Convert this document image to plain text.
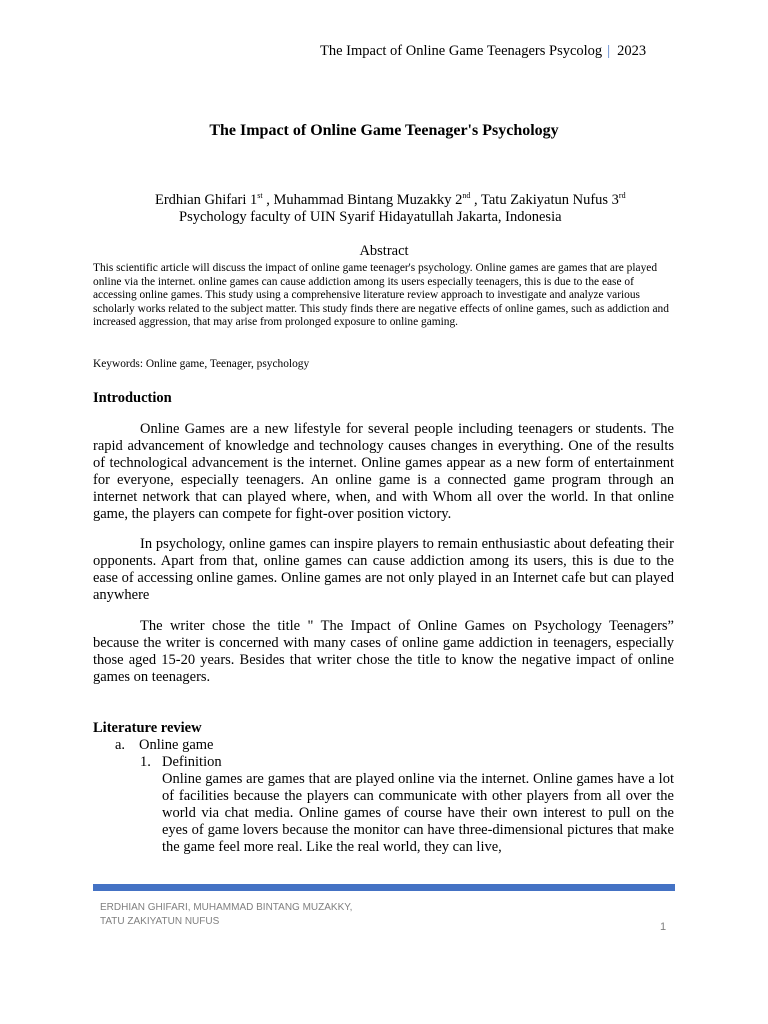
The Impact of Online Game Teenagers Psycolog | 2023
The Impact of Online Game Teenager's Psychology
Erdhian Ghifari 1st , Muhammad Bintang Muzakky 2nd , Tatu Zakiyatun Nufus 3rd
Psychology faculty of UIN Syarif Hidayatullah Jakarta, Indonesia
Abstract

This scientific article will discuss the impact of online game teenager's psychology. Online games are games that are played online via the internet. online games can cause addiction among its users especially teenagers, this is due to the ease of accessing online games. This study using a comprehensive literature review approach to investigate and analyze various scholarly works related to the subject matter. This study finds there are negative effects of online games, such as addiction and increased aggression, that may arise from prolonged exposure to online gaming.

Keywords: Online game, Teenager, psychology
Introduction

Online Games are a new lifestyle for several people including teenagers or students. The rapid advancement of knowledge and technology causes changes in everything. One of the results of technological advancement is the internet. Online games appear as a new form of entertainment for everyone, especially teenagers. An online game is a connected game program through an internet network that can played where, when, and with Whom all over the world. In that online game, the players can compete for fight-over position victory.

In psychology, online games can inspire players to remain enthusiastic about defeating their opponents. Apart from that, online games can cause addiction among its users, this is due to the ease of accessing online games. Online games are not only played in an Internet cafe but can played anywhere

The writer chose the title " The Impact of Online Games on Psychology Teenagers” because the writer is concerned with many cases of online game addiction in teenagers, especially those aged 15-20 years. Besides that writer chose the title to know the negative impact of online games on teenagers.

Literature review
a. Online game
1. Definition

Online games are games that are played online via the internet. Online games have a lot of facilities because the players can communicate with other players from all over the world via chat media. Online games of course have their own interest to pull on the eyes of game lovers because the monitor can have three-dimensional pictures that make the game feel more real. Like the real world, they can live,

ERDHIAN GHIFARI, MUHAMMAD BINTANG MUZAKKY,
TATU ZAKIYATUN NUFUS	1
